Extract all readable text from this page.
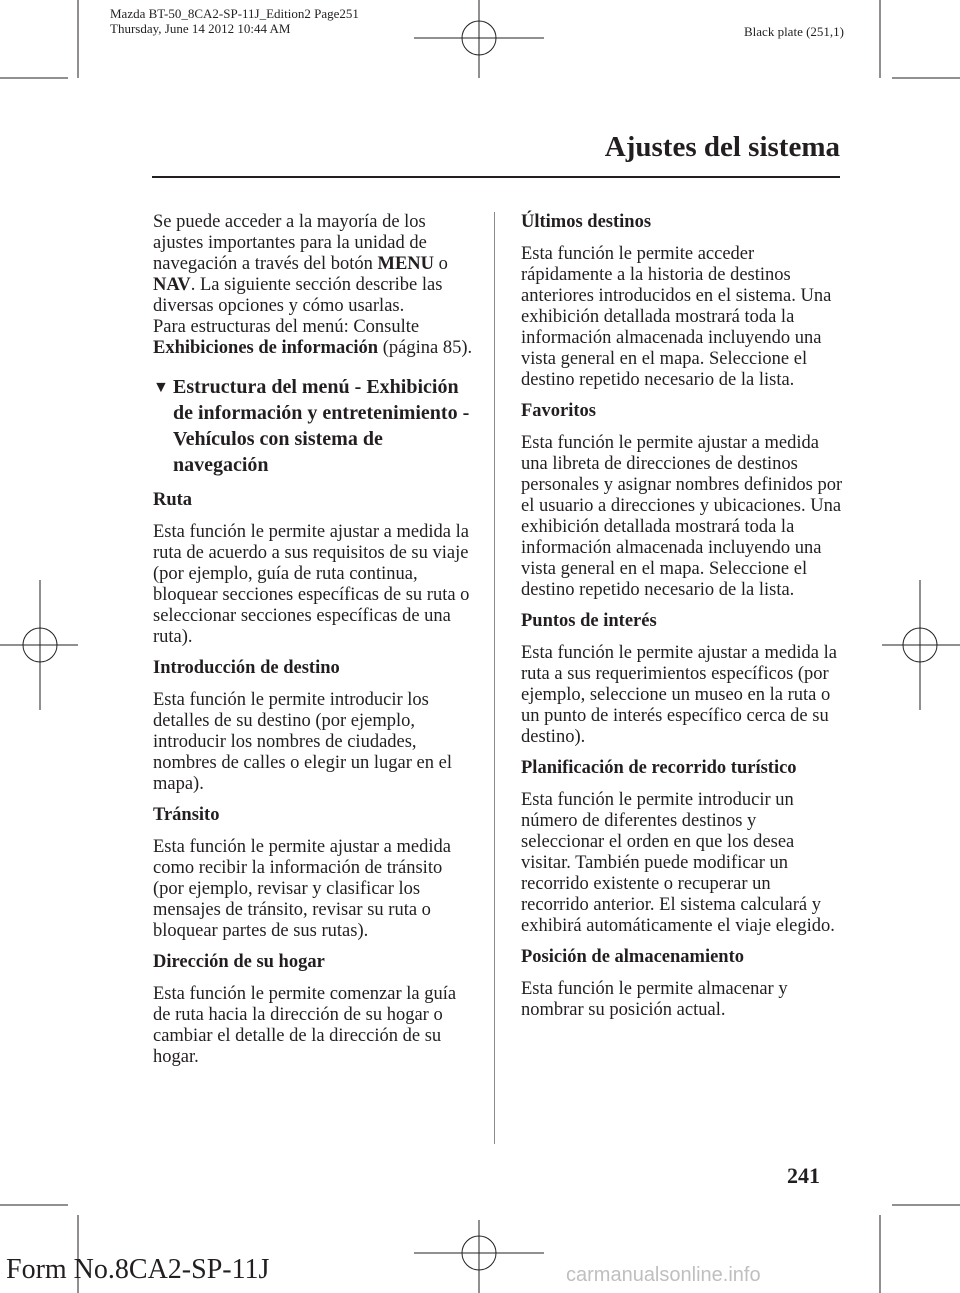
Mazda BT-50_8CA2-SP-11J_Edition2 Page251
Thursday, June 14 2012 10:44 AM	Black plate (251,1)
Ajustes del sistema

Se puede acceder a la mayoría de los ajustes importantes para la unidad de navegación a través del botón MENU o NAV. La siguiente sección describe las diversas opciones y cómo usarlas.
Para estructuras del menú: Consulte Exhibiciones de información (página 85).

▼ Estructura del menú - Exhibición de información y entretenimiento - Vehículos con sistema de navegación

Ruta

Esta función le permite ajustar a medida la ruta de acuerdo a sus requisitos de su viaje (por ejemplo, guía de ruta continua, bloquear secciones específicas de su ruta o seleccionar secciones específicas de una ruta).

Introducción de destino

Esta función le permite introducir los detalles de su destino (por ejemplo, introducir los nombres de ciudades, nombres de calles o elegir un lugar en el mapa).

Tránsito

Esta función le permite ajustar a medida como recibir la información de tránsito (por ejemplo, revisar y clasificar los mensajes de tránsito, revisar su ruta o bloquear partes de sus rutas).

Dirección de su hogar

Esta función le permite comenzar la guía de ruta hacia la dirección de su hogar o cambiar el detalle de la dirección de su hogar.

Últimos destinos

Esta función le permite acceder rápidamente a la historia de destinos anteriores introducidos en el sistema. Una exhibición detallada mostrará toda la información almacenada incluyendo una vista general en el mapa. Seleccione el destino repetido necesario de la lista.

Favoritos

Esta función le permite ajustar a medida una libreta de direcciones de destinos personales y asignar nombres definidos por el usuario a direcciones y ubicaciones. Una exhibición detallada mostrará toda la información almacenada incluyendo una vista general en el mapa. Seleccione el destino repetido necesario de la lista.

Puntos de interés

Esta función le permite ajustar a medida la ruta a sus requerimientos específicos (por ejemplo, seleccione un museo en la ruta o un punto de interés específico cerca de su destino).

Planificación de recorrido turístico

Esta función le permite introducir un número de diferentes destinos y seleccionar el orden en que los desea visitar. También puede modificar un recorrido existente o recuperar un recorrido anterior. El sistema calculará y exhibirá automáticamente el viaje elegido.

Posición de almacenamiento

Esta función le permite almacenar y nombrar su posición actual.

241
Form No.8CA2-SP-11J	carmanualsonline.info
